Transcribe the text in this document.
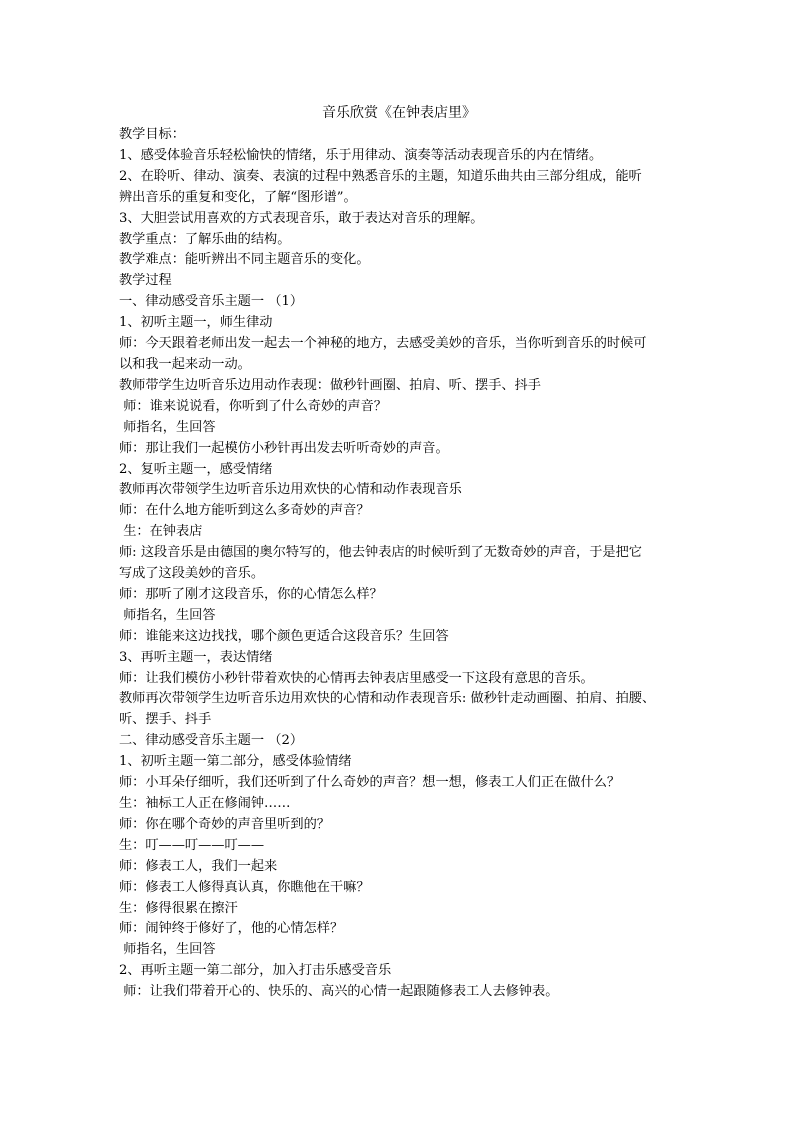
音乐欣赏《在钟表店里》
教学目标：
1、感受体验音乐轻松愉快的情绪，乐于用律动、演奏等活动表现音乐的内在情绪。
2、在聆听、律动、演奏、表演的过程中熟悉音乐的主题，知道乐曲共由三部分组成，能听
辨出音乐的重复和变化，了解“图形谱”。
3、大胆尝试用喜欢的方式表现音乐，敢于表达对音乐的理解。
教学重点：了解乐曲的结构。
教学难点：能听辨出不同主题音乐的变化。
教学过程
一、律动感受音乐主题一 （1）
1、初听主题一，师生律动
师：今天跟着老师出发一起去一个神秘的地方，去感受美妙的音乐，当你听到音乐的时候可
以和我一起来动一动。
教师带学生边听音乐边用动作表现：做秒针画圈、拍肩、听、摆手、抖手
师：谁来说说看，你听到了什么奇妙的声音？
师指名，生回答
师：那让我们一起模仿小秒针再出发去听听奇妙的声音。
2、复听主题一，感受情绪
教师再次带领学生边听音乐边用欢快的心情和动作表现音乐
师：在什么地方能听到这么多奇妙的声音？
生：在钟表店
师: 这段音乐是由德国的奥尔特写的，他去钟表店的时候听到了无数奇妙的声音，于是把它
写成了这段美妙的音乐。
师：那听了刚才这段音乐，你的心情怎么样？
师指名，生回答
师：谁能来这边找找，哪个颜色更适合这段音乐？生回答
3、再听主题一，表达情绪
师：让我们模仿小秒针带着欢快的心情再去钟表店里感受一下这段有意思的音乐。
教师再次带领学生边听音乐边用欢快的心情和动作表现音乐: 做秒针走动画圈、拍肩、拍腰、
听、摆手、抖手
二、律动感受音乐主题一 （2）
1、初听主题一第二部分，感受体验情绪
师：小耳朵仔细听，我们还听到了什么奇妙的声音？想一想，修表工人们正在做什么？
生：袖标工人正在修闹钟……
师：你在哪个奇妙的声音里听到的？
生：叮——叮——叮——
师：修表工人，我们一起来
师：修表工人修得真认真，你瞧他在干嘛？
生：修得很累在擦汗
师：闹钟终于修好了，他的心情怎样？
师指名，生回答
2、再听主题一第二部分，加入打击乐感受音乐
师：让我们带着开心的、快乐的、高兴的心情一起跟随修表工人去修钟表。
